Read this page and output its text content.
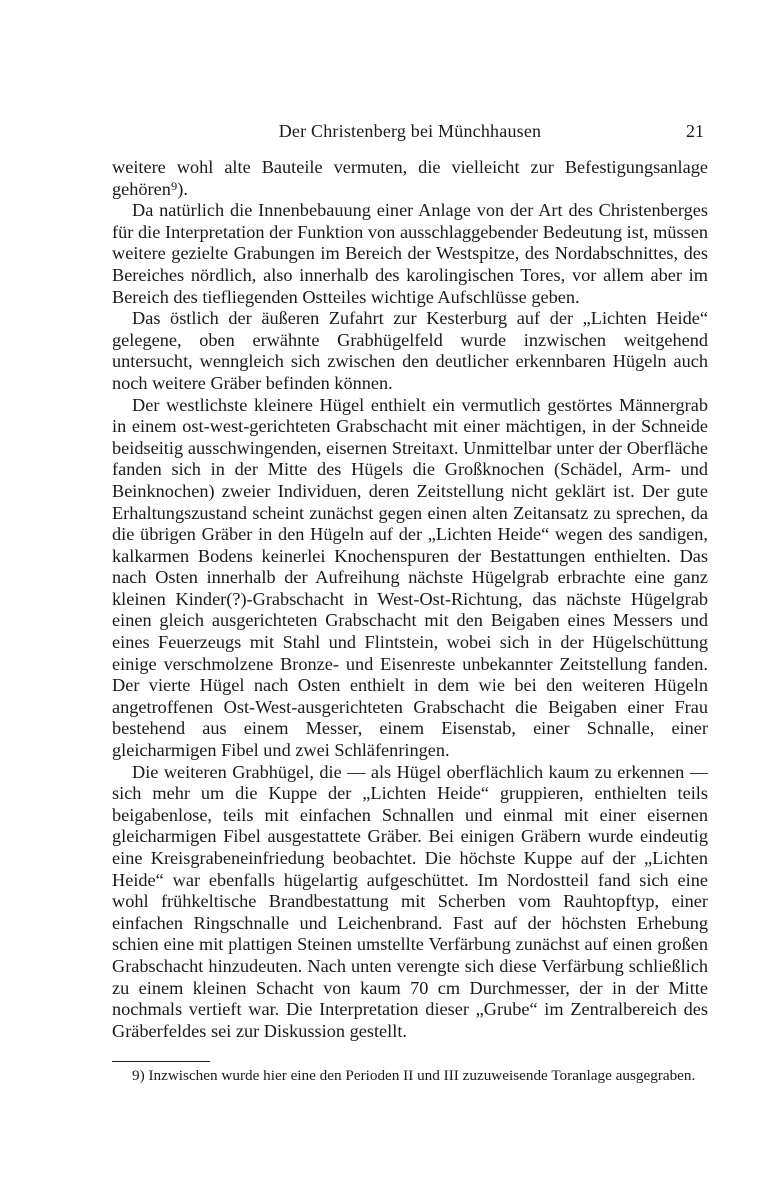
Der Christenberg bei Münchhausen	21

weitere wohl alte Bauteile vermuten, die vielleicht zur Befestigungsanlage gehören⁹).

Da natürlich die Innenbebauung einer Anlage von der Art des Christenberges für die Interpretation der Funktion von ausschlaggebender Bedeutung ist, müssen weitere gezielte Grabungen im Bereich der Westspitze, des Nordabschnittes, des Bereiches nördlich, also innerhalb des karolingischen Tores, vor allem aber im Bereich des tiefliegenden Ostteiles wichtige Aufschlüsse geben.

Das östlich der äußeren Zufahrt zur Kesterburg auf der „Lichten Heide“ gelegene, oben erwähnte Grabhügelfeld wurde inzwischen weitgehend untersucht, wenngleich sich zwischen den deutlicher erkennbaren Hügeln auch noch weitere Gräber befinden können.

Der westlichste kleinere Hügel enthielt ein vermutlich gestörtes Männergrab in einem ost-west-gerichteten Grabschacht mit einer mächtigen, in der Schneide beidseitig ausschwingenden, eisernen Streitaxt. Unmittelbar unter der Oberfläche fanden sich in der Mitte des Hügels die Großknochen (Schädel, Arm- und Beinknochen) zweier Individuen, deren Zeitstellung nicht geklärt ist. Der gute Erhaltungszustand scheint zunächst gegen einen alten Zeitansatz zu sprechen, da die übrigen Gräber in den Hügeln auf der „Lichten Heide“ wegen des sandigen, kalkarmen Bodens keinerlei Knochenspuren der Bestattungen enthielten. Das nach Osten innerhalb der Aufreihung nächste Hügelgrab erbrachte eine ganz kleinen Kinder(?)-Grabschacht in West-Ost-Richtung, das nächste Hügelgrab einen gleich ausgerichteten Grabschacht mit den Beigaben eines Messers und eines Feuerzeugs mit Stahl und Flintstein, wobei sich in der Hügelschüttung einige verschmolzene Bronze- und Eisenreste unbekannter Zeitstellung fanden. Der vierte Hügel nach Osten enthielt in dem wie bei den weiteren Hügeln angetroffenen Ost-West-ausgerichteten Grabschacht die Beigaben einer Frau bestehend aus einem Messer, einem Eisenstab, einer Schnalle, einer gleicharmigen Fibel und zwei Schläfenringen.

Die weiteren Grabhügel, die — als Hügel oberflächlich kaum zu erkennen — sich mehr um die Kuppe der „Lichten Heide“ gruppieren, enthielten teils beigabenlose, teils mit einfachen Schnallen und einmal mit einer eisernen gleicharmigen Fibel ausgestattete Gräber. Bei einigen Gräbern wurde eindeutig eine Kreisgrabeneinfriedung beobachtet. Die höchste Kuppe auf der „Lichten Heide“ war ebenfalls hügelartig aufgeschüttet. Im Nordostteil fand sich eine wohl frühkeltische Brandbestattung mit Scherben vom Rauhtopftyp, einer einfachen Ringschnalle und Leichenbrand. Fast auf der höchsten Erhebung schien eine mit plattigen Steinen umstellte Verfärbung zunächst auf einen großen Grabschacht hinzudeuten. Nach unten verengte sich diese Verfärbung schließlich zu einem kleinen Schacht von kaum 70 cm Durchmesser, der in der Mitte nochmals vertieft war. Die Interpretation dieser „Grube“ im Zentralbereich des Gräberfeldes sei zur Diskussion gestellt.

9) Inzwischen wurde hier eine den Perioden II und III zuzuweisende Toranlage ausgegraben.
